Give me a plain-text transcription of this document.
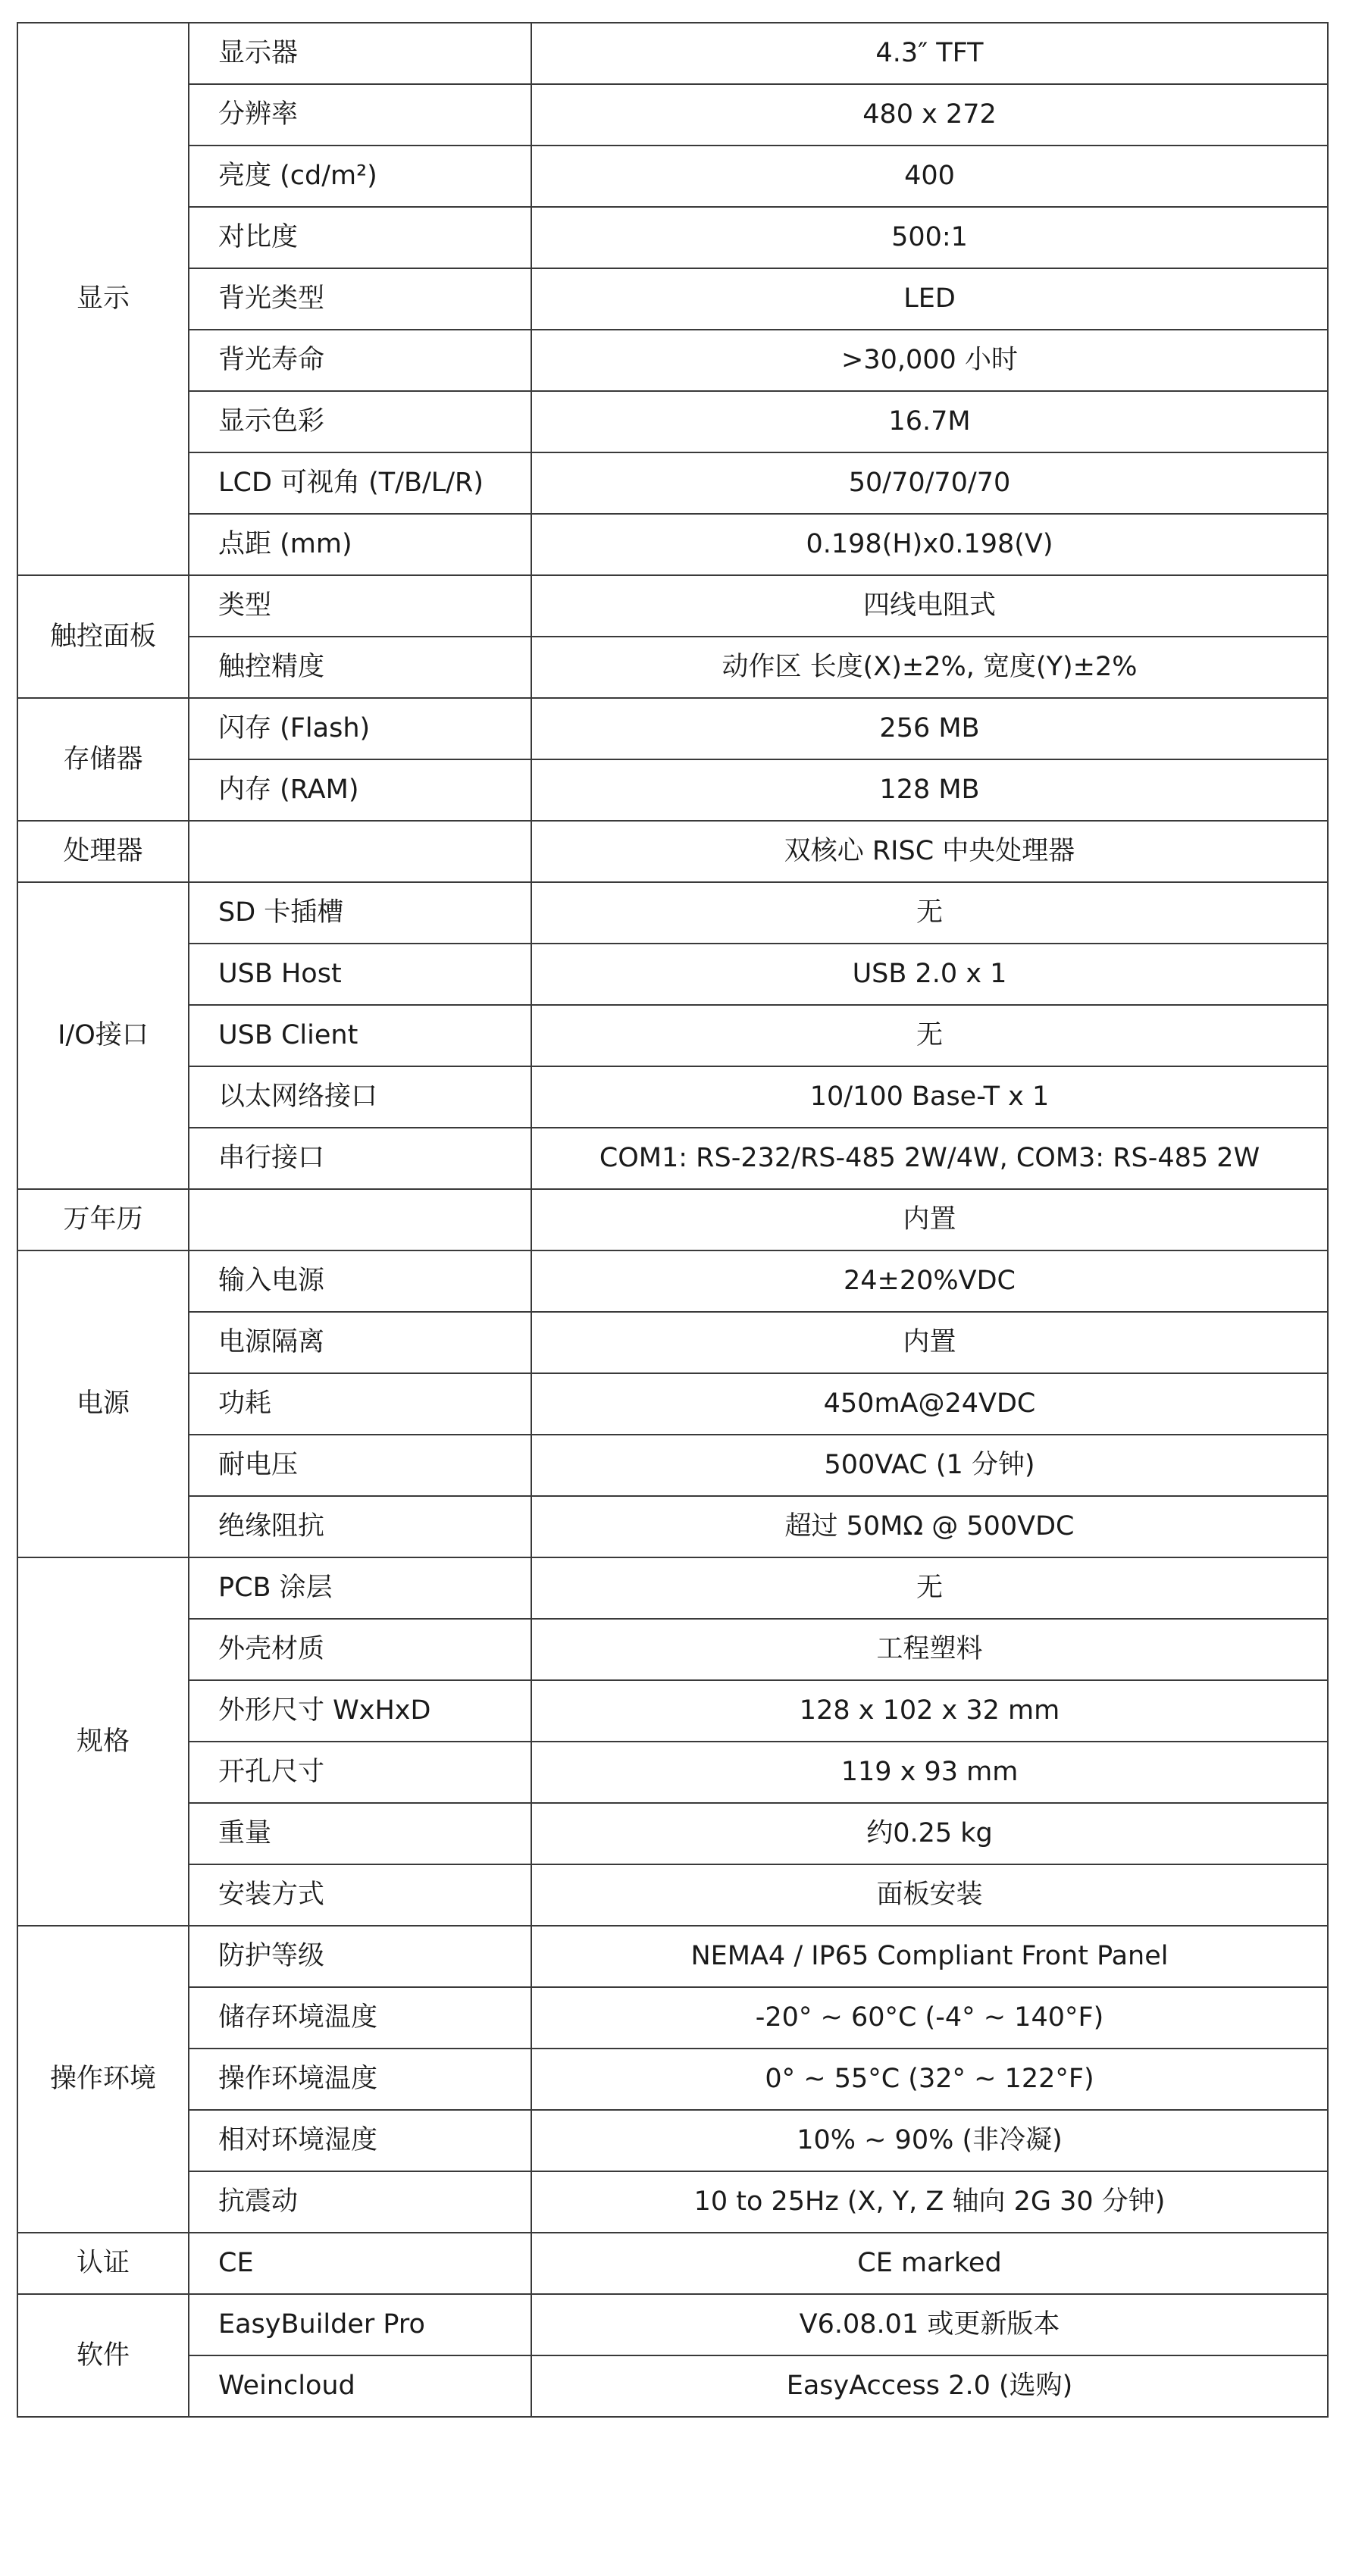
显示	显示器	4.3″ TFT
	分辨率	480 x 272
	亮度 (cd/m²)	400
	对比度	500:1
	背光类型	LED
	背光寿命	>30,000 小时
	显示色彩	16.7M
	LCD 可视角 (T/B/L/R)	50/70/70/70
	点距 (mm)	0.198(H)x0.198(V)
触控面板	类型	四线电阻式
	触控精度	动作区 长度(X)±2%, 宽度(Y)±2%
存储器	闪存 (Flash)	256 MB
	内存 (RAM)	128 MB
处理器		双核心 RISC 中央处理器
I/O接口	SD 卡插槽	无
	USB Host	USB 2.0 x 1
	USB Client	无
	以太网络接口	10/100 Base-T x 1
	串行接口	COM1: RS-232/RS-485 2W/4W, COM3: RS-485 2W
万年历		内置
电源	输入电源	24±20%VDC
	电源隔离	内置
	功耗	450mA@24VDC
	耐电压	500VAC (1 分钟)
	绝缘阻抗	超过 50MΩ @ 500VDC
规格	PCB 涂层	无
	外壳材质	工程塑料
	外形尺寸 WxHxD	128 x 102 x 32 mm
	开孔尺寸	119 x 93 mm
	重量	约0.25 kg
	安装方式	面板安装
操作环境	防护等级	NEMA4 / IP65 Compliant Front Panel
	储存环境温度	-20° ~ 60°C (-4° ~ 140°F)
	操作环境温度	0° ~ 55°C (32° ~ 122°F)
	相对环境湿度	10% ~ 90% (非冷凝)
	抗震动	10 to 25Hz (X, Y, Z 轴向 2G 30 分钟)
认证	CE	CE marked
软件	EasyBuilder Pro	V6.08.01 或更新版本
	Weincloud	EasyAccess 2.0 (选购)
